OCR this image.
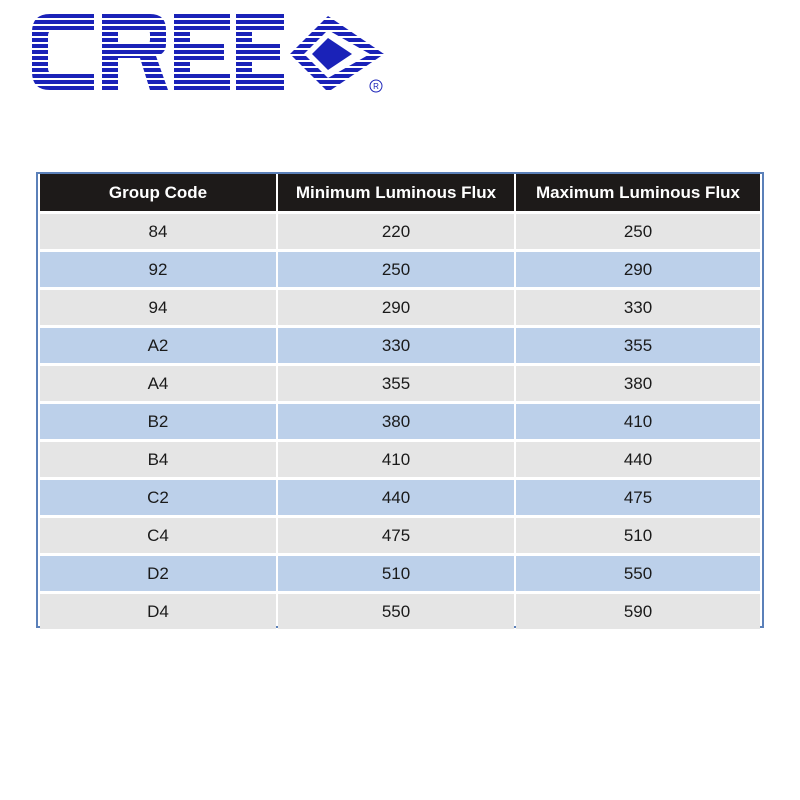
R
Group Code	Minimum Luminous Flux	Maximum Luminous Flux
84	220	250
92	250	290
94	290	330
A2	330	355
A4	355	380
B2	380	410
B4	410	440
C2	440	475
C4	475	510
D2	510	550
D4	550	590
